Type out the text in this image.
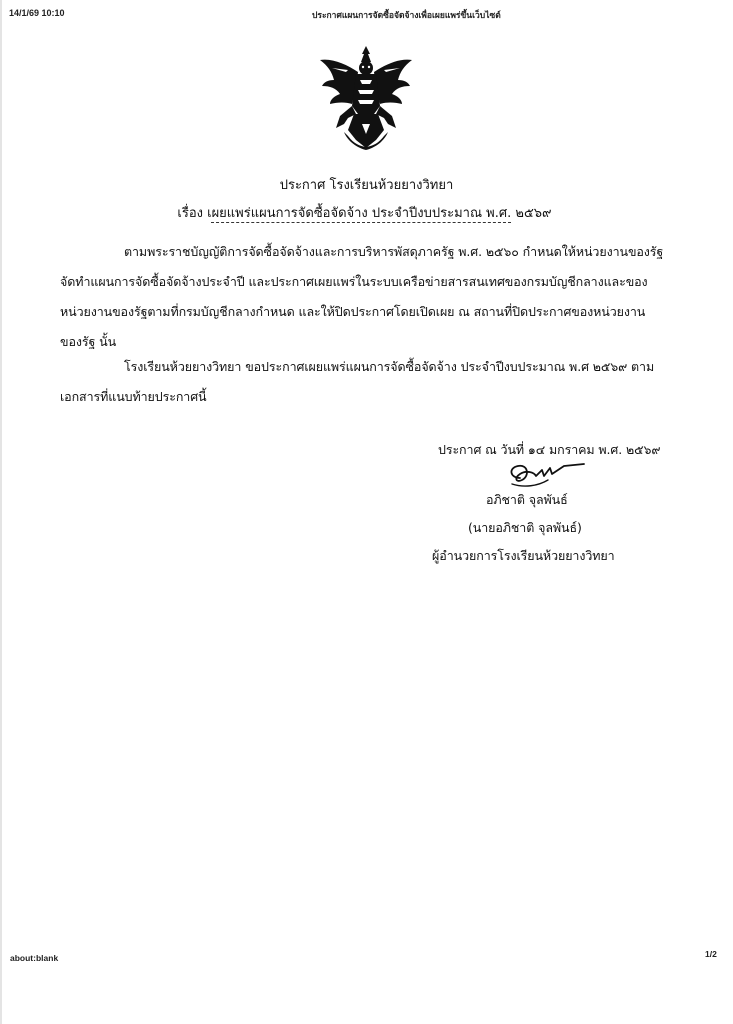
14/1/69 10:10	ประกาศแผนการจัดซื้อจัดจ้างเพื่อเผยแพร่ขึ้นเว็บไซต์
ประกาศ โรงเรียนห้วยยางวิทยา
เรื่อง เผยแพร่แผนการจัดซื้อจัดจ้าง ประจำปีงบประมาณ พ.ศ. ๒๕๖๙
ตามพระราชบัญญัติการจัดซื้อจัดจ้างและการบริหารพัสดุภาครัฐ พ.ศ. ๒๕๖๐ กำหนดให้หน่วยงานของรัฐ
จัดทำแผนการจัดซื้อจัดจ้างประจำปี และประกาศเผยแพร่ในระบบเครือข่ายสารสนเทศของกรมบัญชีกลางและของ
หน่วยงานของรัฐตามที่กรมบัญชีกลางกำหนด และให้ปิดประกาศโดยเปิดเผย ณ สถานที่ปิดประกาศของหน่วยงาน
ของรัฐ นั้น
โรงเรียนห้วยยางวิทยา ขอประกาศเผยแพร่แผนการจัดซื้อจัดจ้าง ประจำปีงบประมาณ พ.ศ ๒๕๖๙ ตาม
เอกสารที่แนบท้ายประกาศนี้
ประกาศ ณ วันที่ ๑๔ มกราคม พ.ศ. ๒๕๖๙
อภิชาติ จุลพันธ์
(นายอภิชาติ จุลพันธ์)
ผู้อำนวยการโรงเรียนห้วยยางวิทยา
about:blank	1/2
